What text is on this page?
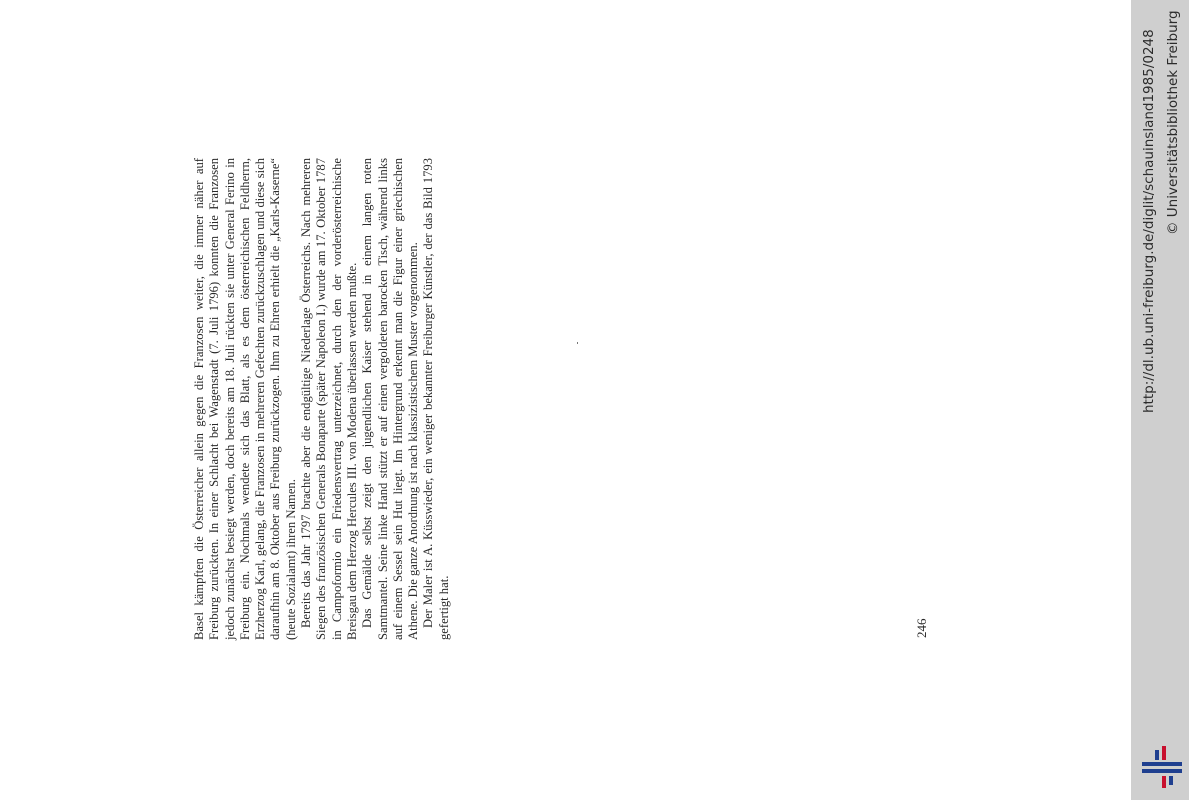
Basel kämpften die Österreicher allein gegen die Franzosen weiter, die immer näher auf Freiburg zurückten. In einer Schlacht bei Wagenstadt (7. Juli 1796) konnten die Franzosen jedoch zunächst besiegt werden, doch bereits am 18. Juli rückten sie unter General Ferino in Freiburg ein. Nochmals wendete sich das Blatt, als es dem österreichischen Feldherrn, Erzherzog Karl, gelang, die Franzosen in mehreren Gefechten zurückzuschlagen und diese sich daraufhin am 8. Oktober aus Freiburg zurückzogen. Ihm zu Ehren erhielt die „Karls-Kaserne“ (heute Sozialamt) ihren Namen. Bereits das Jahr 1797 brachte aber die endgültige Niederlage Österreichs. Nach mehreren Siegen des französischen Generals Bonaparte (später Napoleon I.) wurde am 17. Oktober 1787 in Campoformio ein Friedensvertrag unterzeichnet, durch den der vorderösterreichische Breisgau dem Herzog Hercules III. von Modena überlassen werden mußte. Das Gemälde selbst zeigt den jugendlichen Kaiser stehend in einem langen roten Samtmantel. Seine linke Hand stützt er auf einen vergoldeten barocken Tisch, während links auf einem Sessel sein Hut liegt. Im Hintergrund erkennt man die Figur einer griechischen Athene. Die ganze Anordnung ist nach klassizistischem Muster vorgenommen. Der Maler ist A. Küsswieder, ein weniger bekannter Freiburger Künstler, der das Bild 1793 gefertigt hat.	246
http://dl.ub.uni-freiburg.de/diglit/schauinsland1985/0248 © Universitätsbibliothek Freiburg
